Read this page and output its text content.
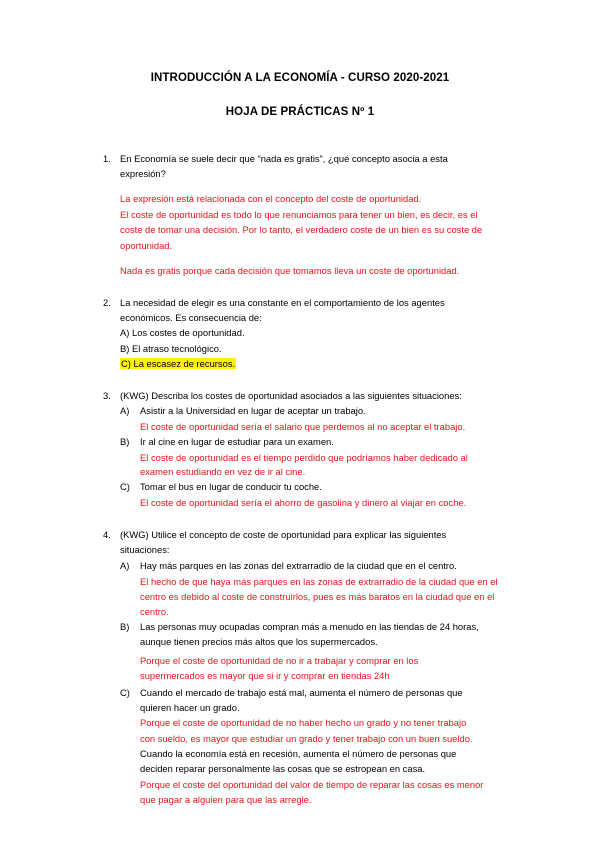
INTRODUCCIÓN A LA ECONOMÍA - CURSO 2020-2021
HOJA DE PRÁCTICAS Nº 1
1. En Economía se suele decir que “nada es gratis”, ¿qué concepto asocia a esta
expresión?
La expresión está relacionada con el concepto del coste de oportunidad.
El coste de oportunidad es todo lo que renunciamos para tener un bien, es decir, es el
coste de tomar una decisión. Por lo tanto, el verdadero coste de un bien es su coste de
oportunidad.
Nada es gratis porque cada decisión que tomamos lleva un coste de oportunidad.
2. La necesidad de elegir es una constante en el comportamiento de los agentes
económicos. Es consecuencia de:
A) Los costes de oportunidad.
B) El atraso tecnológico.
C) La escasez de recursos.
3. (KWG) Describa los costes de oportunidad asociados a las siguientes situaciones:
A) Asistir a la Universidad en lugar de aceptar un trabajo.
El coste de oportunidad sería el salario que perdemos al no aceptar el trabajo.
B) Ir al cine en lugar de estudiar para un examen.
El coste de oportunidad es el tiempo perdido que podríamos haber dedicado al
examen estudiando en vez de ir al cine.
C) Tomar el bus en lugar de conducir tu coche.
El coste de oportunidad sería el ahorro de gasolina y dinero al viajar en coche.
4. (KWG) Utilice el concepto de coste de oportunidad para explicar las siguientes
situaciones:
A) Hay más parques en las zonas del extrarradio de la ciudad que en el centro.
El hecho de que haya más parques en las zonas de extrarradio de la ciudad que en el
centro es debido al coste de construirlos, pues es más baratos en la ciudad que en el
centro.
B) Las personas muy ocupadas compran más a menudo en las tiendas de 24 horas,
aunque tienen precios más altos que los supermercados.
Porque el coste de oportunidad de no ir a trabajar y comprar en los
supermercados es mayor que si ir y comprar en tiendas 24h
C) Cuando el mercado de trabajo está mal, aumenta el número de personas que
quieren hacer un grado.
Porque el coste de oportunidad de no haber hecho un grado y no tener trabajo
con sueldo, es mayor que estudiar un grado y tener trabajo con un buen sueldo.
Cuando la economía está en recesión, aumenta el número de personas que
deciden reparar personalmente las cosas que se estropean en casa.
Porque el coste del oportunidad del valor de tiempo de reparar las cosas es menor
que pagar a alguien para que las arregle.
